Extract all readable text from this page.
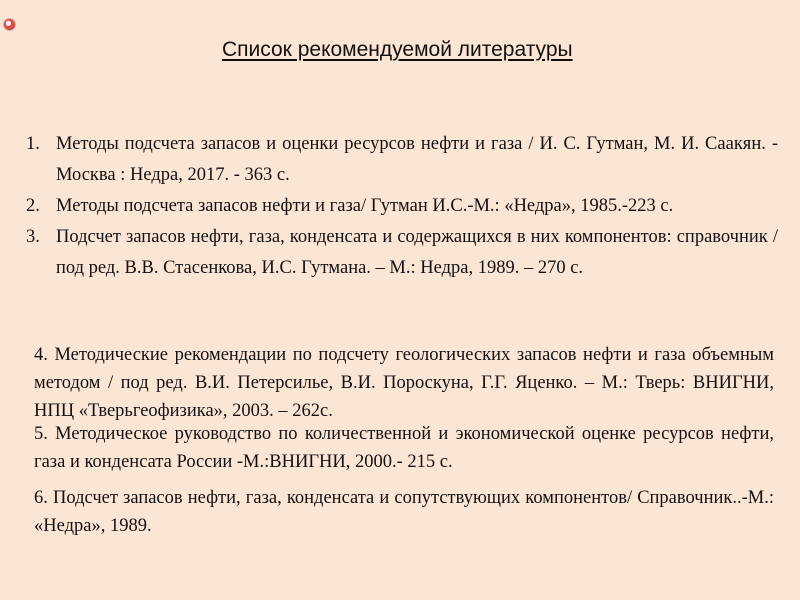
Список рекомендуемой литературы
1. Методы подсчета запасов и оценки ресурсов нефти и газа / И. С. Гутман, М. И. Саакян. - Москва : Недра, 2017. - 363 с.

2. Методы подсчета запасов нефти и газа/ Гутман И.С.-М.: «Недра», 1985.-223 с.

3. Подсчет запасов нефти, газа, конденсата и содержащихся в них компонентов: справочник / под ред. В.В. Стасенкова, И.С. Гутмана. – М.: Недра, 1989. – 270 с.

4. Методические рекомендации по подсчету геологических запасов нефти и газа объемным методом / под ред. В.И. Петерсилье, В.И. Пороскуна, Г.Г. Яценко. – М.: Тверь: ВНИГНИ, НПЦ «Тверьгеофизика», 2003. – 262с.

5. Методическое руководство по количественной и экономической оценке ресурсов нефти, газа и конденсата России -М.:ВНИГНИ, 2000.- 215 с.

6. Подсчет запасов нефти, газа, конденсата и сопутствующих компонентов/ Справочник..-М.: «Недра», 1989.
